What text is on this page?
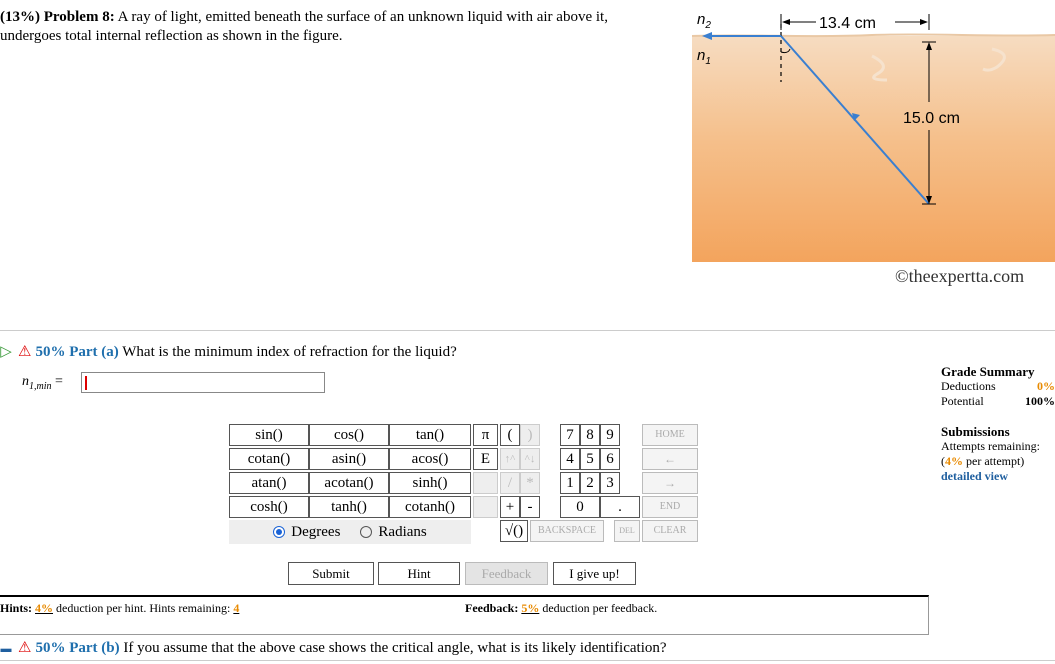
(13%) Problem 8: A ray of light, emitted beneath the surface of an unknown liquid with air above it, undergoes total internal reflection as shown in the figure.
13.4 cm
15.0 cm
$n_2$
$n_1$
©theexpertta.com
▷ ⚠ 50% Part (a) What is the minimum index of refraction for the liquid?
$n_{1,min}$ =
Grade Summary
Deductions	0%
Potential	100%
Submissions
Attempts remaining:
(4% per attempt)
detailed view
sin()	cos()	tan()
cotan()	asin()	acos()
atan()	acotan()	sinh()
cosh()	tanh()	cotanh()
π
E
(	)
↑^ ^↓
/ *
+ -
√()
7 8 9
4 5 6
1 2 3
0	.
BACKSPACE	DEL
HOME
←
→
END
CLEAR
Degrees	Radians
Submit	Hint	Feedback	I give up!
Hints: 4% deduction per hint. Hints remaining: 4	Feedback: 5% deduction per feedback.
▬ ⚠ 50% Part (b) If you assume that the above case shows the critical angle, what is its likely identification?
